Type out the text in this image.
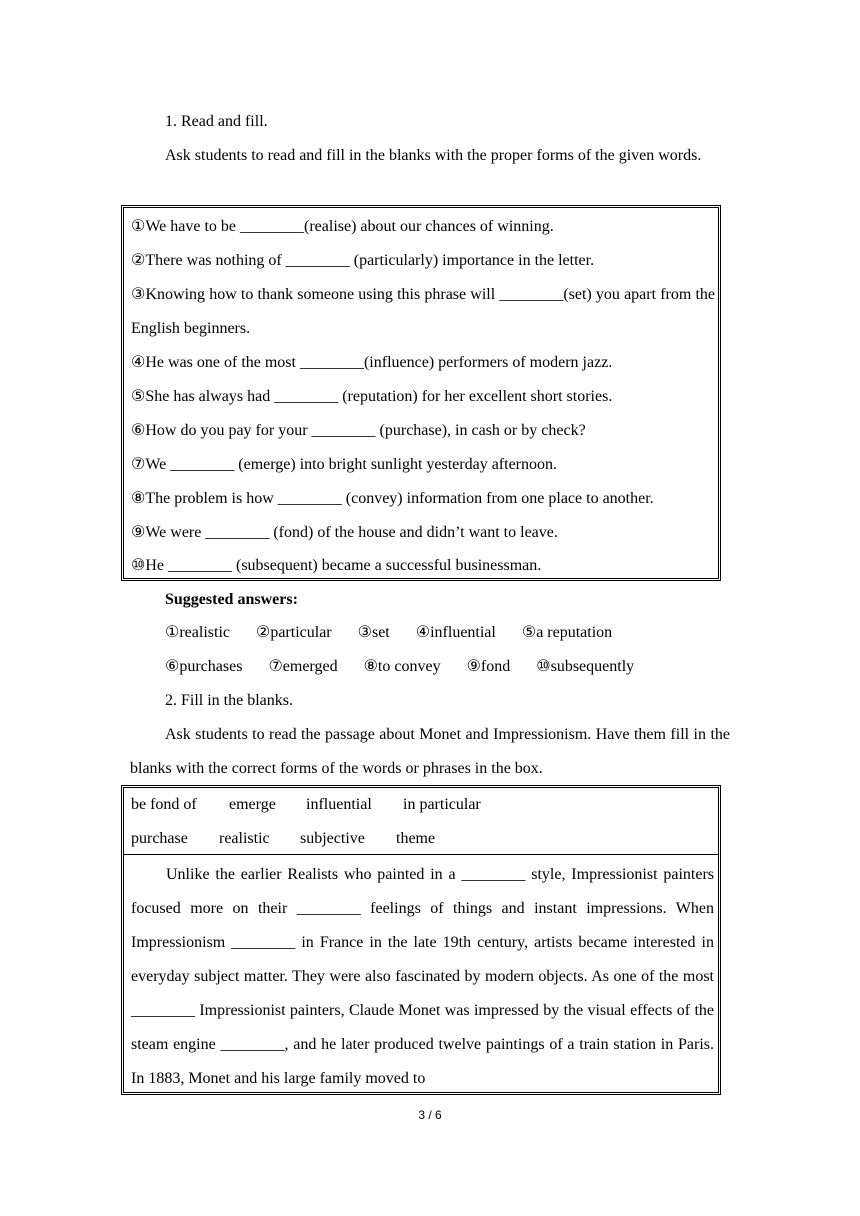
1. Read and fill.

Ask students to read and fill in the blanks with the proper forms of the given words.

①We have to be ________(realise) about our chances of winning.
②There was nothing of ________ (particularly) importance in the letter.
③Knowing how to thank someone using this phrase will ________(set) you apart from the English beginners.
④He was one of the most ________(influence) performers of modern jazz.
⑤She has always had ________ (reputation) for her excellent short stories.
⑥How do you pay for your ________ (purchase), in cash or by check?
⑦We ________ (emerge) into bright sunlight yesterday afternoon.
⑧The problem is how ________ (convey) information from one place to another.
⑨We were ________ (fond) of the house and didn’t want to leave.
⑩He ________ (subsequent) became a successful businessman.

Suggested answers:

①realistic ②particular ③set ④influential ⑤a reputation
⑥purchases ⑦emerged ⑧to convey ⑨fond ⑩subsequently

2. Fill in the blanks.

Ask students to read the passage about Monet and Impressionism. Have them fill in the blanks with the correct forms of the words or phrases in the box.

be fond of emerge influential in particular
purchase realistic subjective theme
Unlike the earlier Realists who painted in a ________ style, Impressionist painters focused more on their ________ feelings of things and instant impressions. When Impressionism ________ in France in the late 19th century, artists became interested in everyday subject matter. They were also fascinated by modern objects. As one of the most ________ Impressionist painters, Claude Monet was impressed by the visual effects of the steam engine ________, and he later produced twelve paintings of a train station in Paris. In 1883, Monet and his large family moved to
3 / 6
